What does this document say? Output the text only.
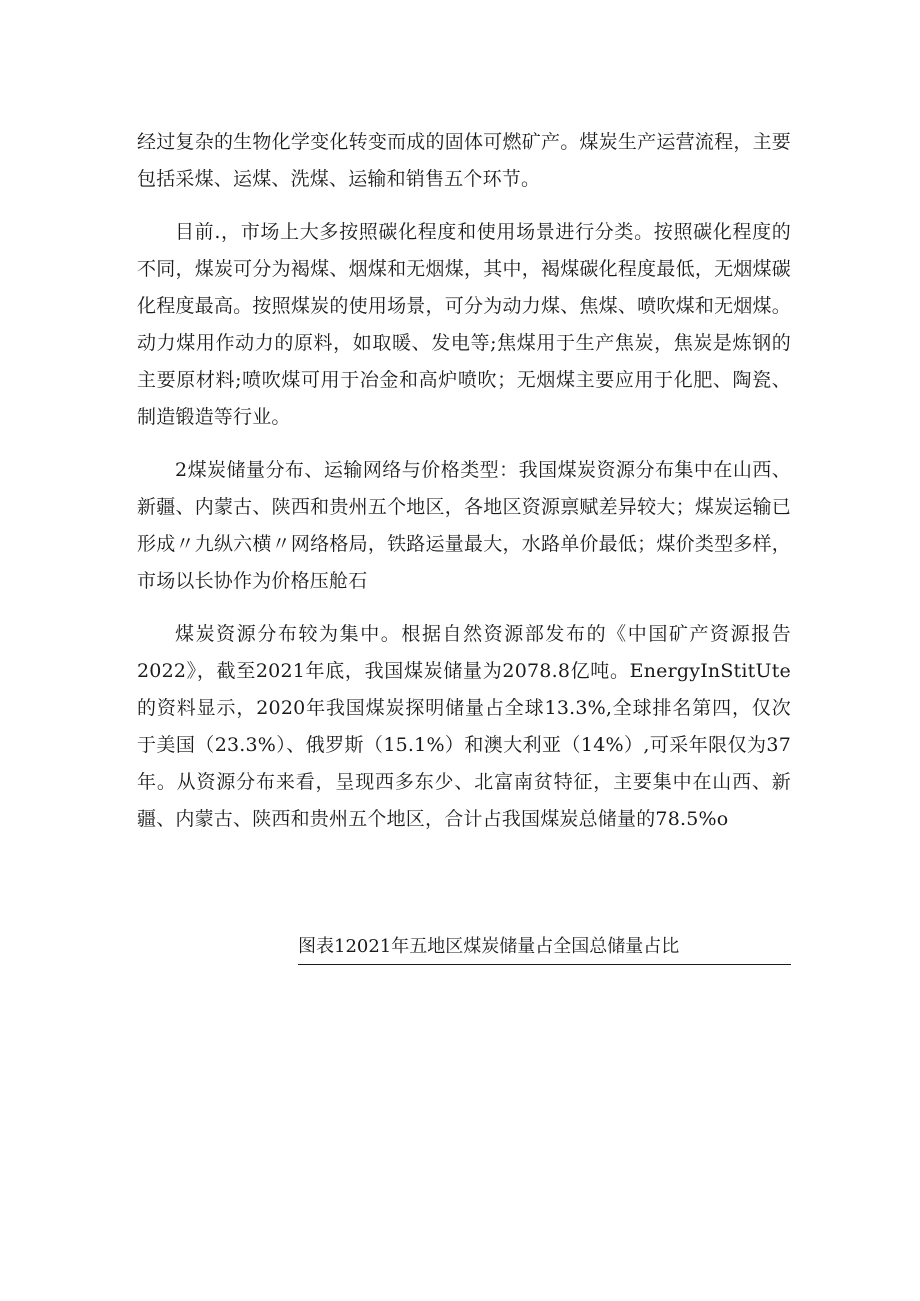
经过复杂的生物化学变化转变而成的固体可燃矿产。煤炭生产运营流程，主要包括采煤、运煤、洗煤、运输和销售五个环节。

目前.，市场上大多按照碳化程度和使用场景进行分类。按照碳化程度的不同，煤炭可分为褐煤、烟煤和无烟煤，其中，褐煤碳化程度最低，无烟煤碳化程度最高。按照煤炭的使用场景，可分为动力煤、焦煤、喷吹煤和无烟煤。动力煤用作动力的原料，如取暖、发电等;焦煤用于生产焦炭，焦炭是炼钢的主要原材料;喷吹煤可用于冶金和高炉喷吹；无烟煤主要应用于化肥、陶瓷、制造锻造等行业。

2煤炭储量分布、运输网络与价格类型：我国煤炭资源分布集中在山西、新疆、内蒙古、陕西和贵州五个地区，各地区资源禀赋差异较大；煤炭运输已形成〃九纵六横〃网络格局，铁路运量最大，水路单价最低；煤价类型多样，市场以长协作为价格压舱石

煤炭资源分布较为集中。根据自然资源部发布的《中国矿产资源报告2022》，截至2021年底，我国煤炭储量为2078.8亿吨。EnergyInStitUte的资料显示，2020年我国煤炭探明储量占全球13.3%,全球排名第四，仅次于美国（23.3%）、俄罗斯（15.1%）和澳大利亚（14%）,可采年限仅为37年。从资源分布来看，呈现西多东少、北富南贫特征，主要集中在山西、新疆、内蒙古、陕西和贵州五个地区，合计占我国煤炭总储量的78.5%o

图表12021年五地区煤炭储量占全国总储量占比
